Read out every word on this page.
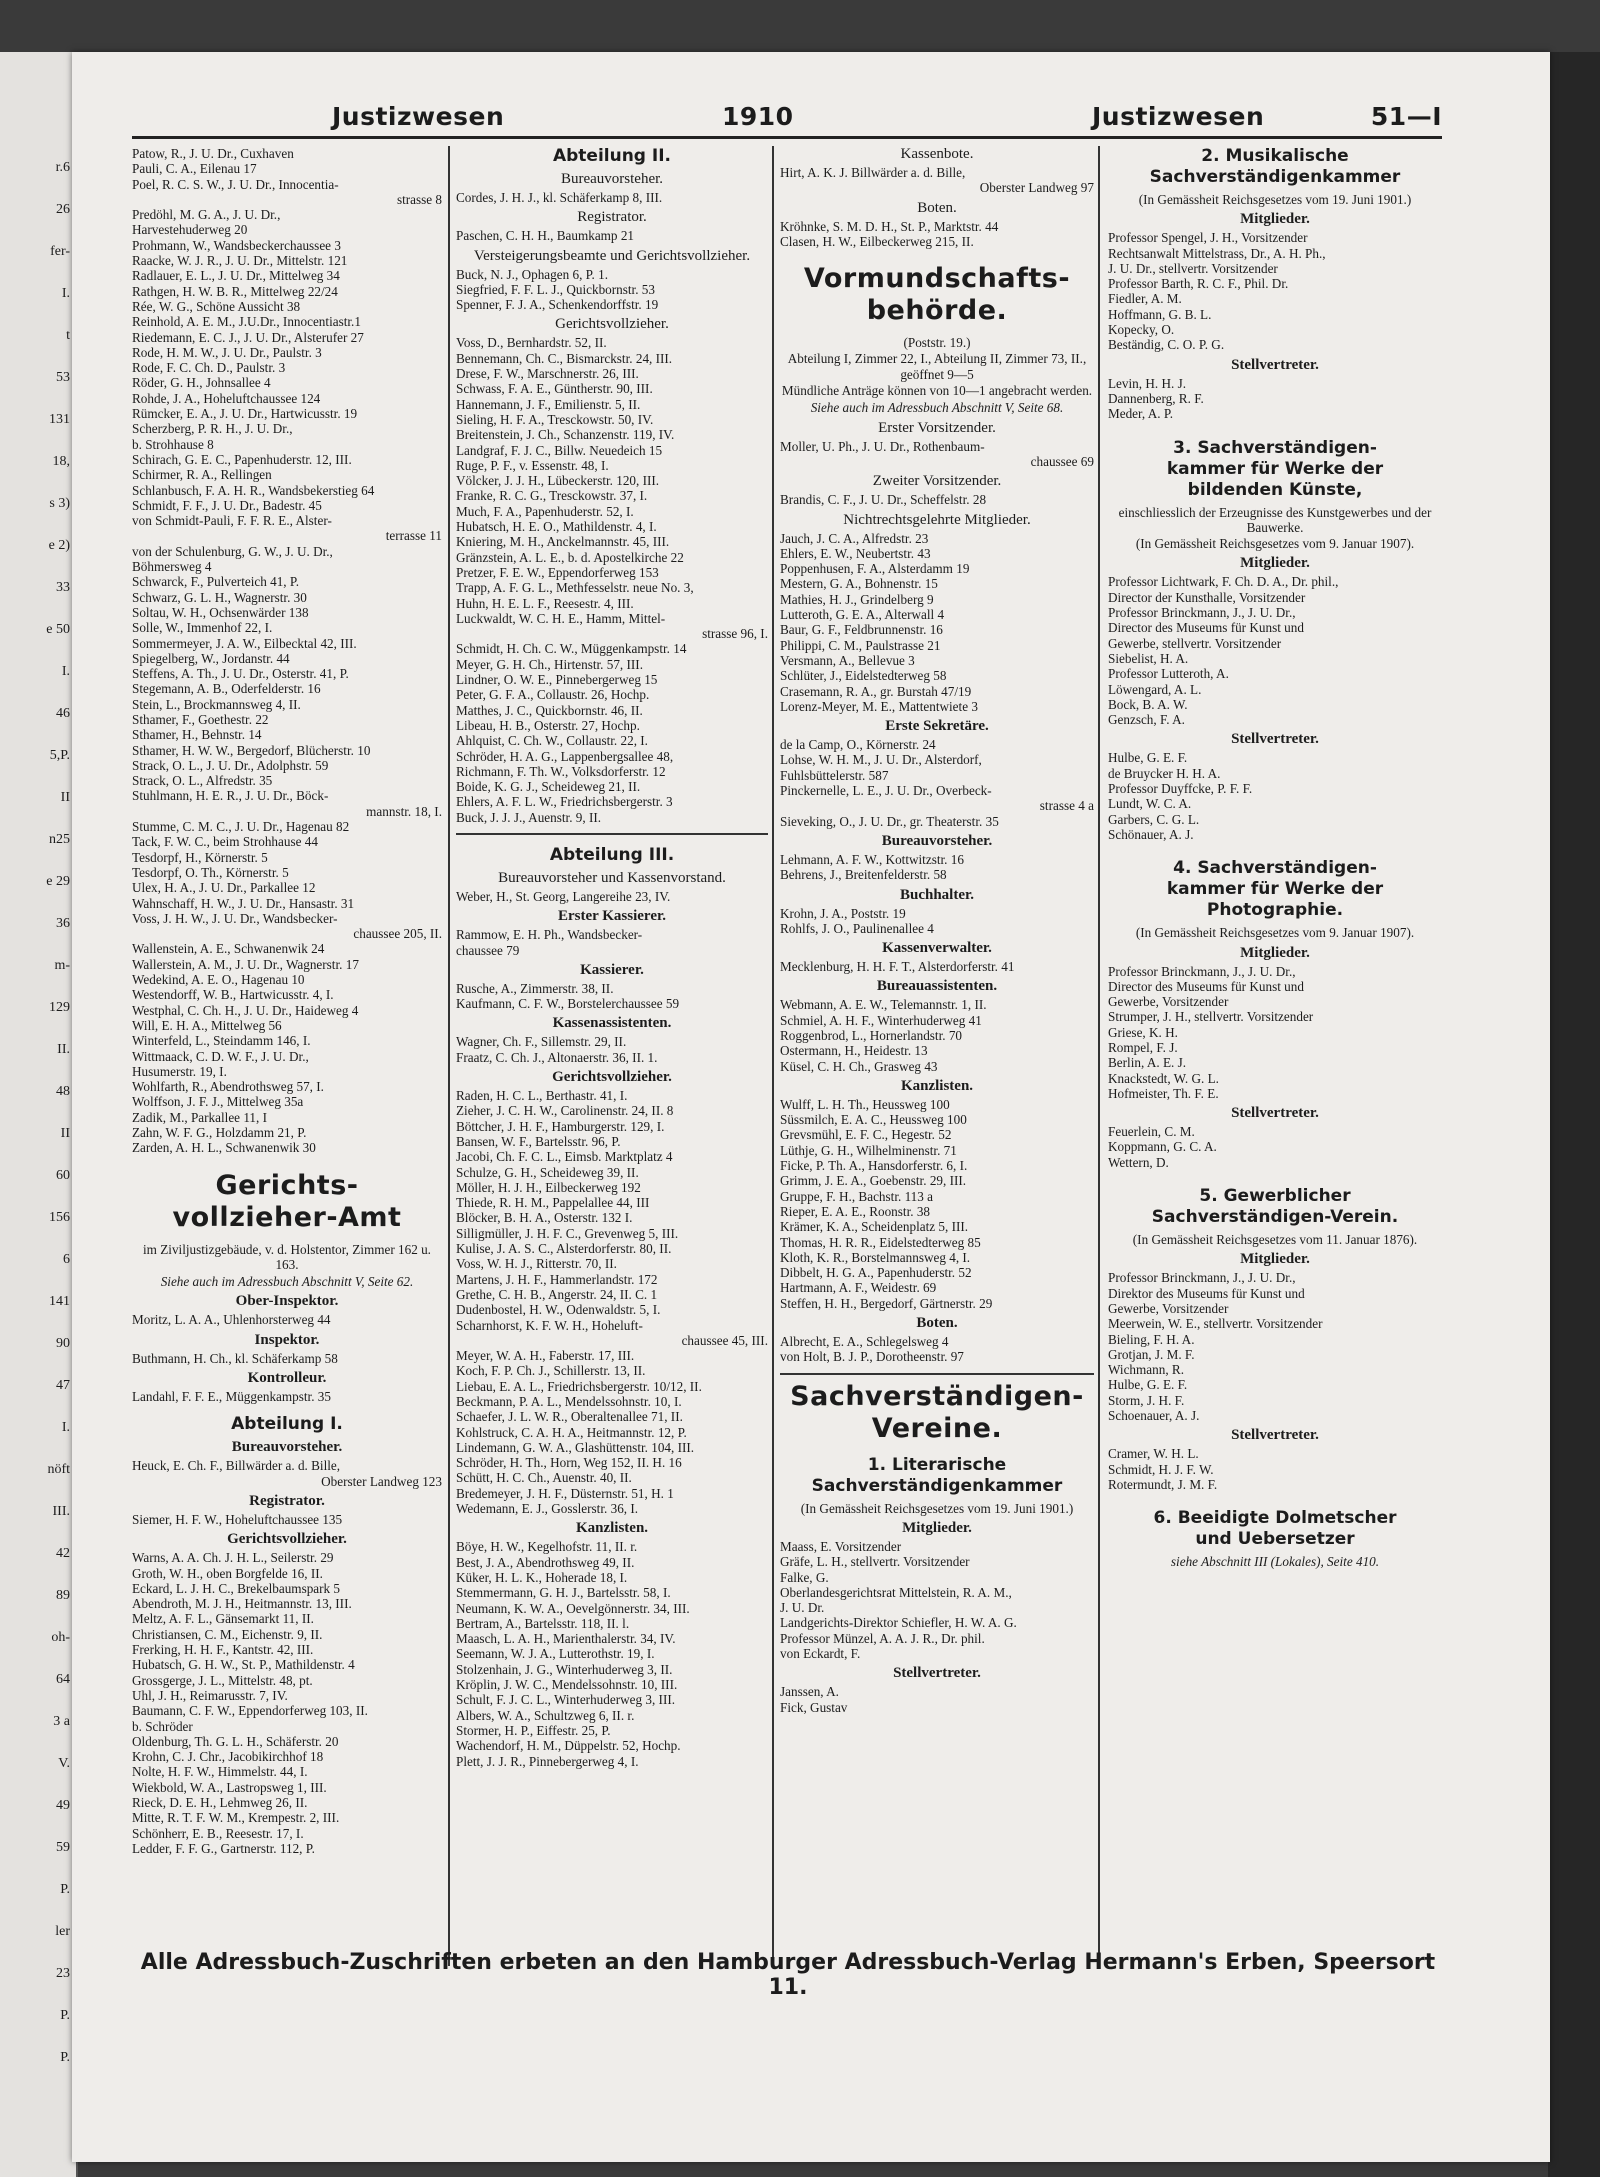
r.6
26
fer-
I.
t
53
131
18,
s 3)
e 2)
33
e 50
I.
46
5,P.
II
n25
e 29
36
m-
129
II.
48
II
60
156
6
141
90
47
I.
nöft
III.
42
89
oh-
64
3 a
V.
49
59
P.
ler
23
P.
P.
Justizwesen	1910	Justizwesen	51—I

Patow, R., J. U. Dr., Cuxhaven

Pauli, C. A., Eilenau 17

Poel, R. C. S. W., J. U. Dr., Innocentia-

strasse 8

Predöhl, M. G. A., J. U. Dr.,

Harvestehuderweg 20

Prohmann, W., Wandsbeckerchaussee 3

Raacke, W. J. R., J. U. Dr., Mittelstr. 121

Radlauer, E. L., J. U. Dr., Mittelweg 34

Rathgen, H. W. B. R., Mittelweg 22/24

Rée, W. G., Schöne Aussicht 38

Reinhold, A. E. M., J.U.Dr., Innocentiastr.1

Riedemann, E. C. J., J. U. Dr., Alsterufer 27

Rode, H. M. W., J. U. Dr., Paulstr. 3

Rode, F. C. Ch. D., Paulstr. 3

Röder, G. H., Johnsallee 4

Rohde, J. A., Hoheluftchaussee 124

Rümcker, E. A., J. U. Dr., Hartwicusstr. 19

Scherzberg, P. R. H., J. U. Dr.,

b. Strohhause 8

Schirach, G. E. C., Papenhuderstr. 12, III.

Schirmer, R. A., Rellingen

Schlanbusch, F. A. H. R., Wandsbekerstieg 64

Schmidt, F. F., J. U. Dr., Badestr. 45

von Schmidt-Pauli, F. F. R. E., Alster-

terrasse 11

von der Schulenburg, G. W., J. U. Dr.,

Böhmersweg 4

Schwarck, F., Pulverteich 41, P.

Schwarz, G. L. H., Wagnerstr. 30

Soltau, W. H., Ochsenwärder 138

Solle, W., Immenhof 22, I.

Sommermeyer, J. A. W., Eilbecktal 42, III.

Spiegelberg, W., Jordanstr. 44

Steffens, A. Th., J. U. Dr., Osterstr. 41, P.

Stegemann, A. B., Oderfelderstr. 16

Stein, L., Brockmannsweg 4, II.

Sthamer, F., Goethestr. 22

Sthamer, H., Behnstr. 14

Sthamer, H. W. W., Bergedorf, Blücherstr. 10

Strack, O. L., J. U. Dr., Adolphstr. 59

Strack, O. L., Alfredstr. 35

Stuhlmann, H. E. R., J. U. Dr., Böck-

mannstr. 18, I.

Stumme, C. M. C., J. U. Dr., Hagenau 82

Tack, F. W. C., beim Strohhause 44

Tesdorpf, H., Körnerstr. 5

Tesdorpf, O. Th., Körnerstr. 5

Ulex, H. A., J. U. Dr., Parkallee 12

Wahnschaff, H. W., J. U. Dr., Hansastr. 31

Voss, J. H. W., J. U. Dr., Wandsbecker-

chaussee 205, II.

Wallenstein, A. E., Schwanenwik 24

Wallerstein, A. M., J. U. Dr., Wagnerstr. 17

Wedekind, A. E. O., Hagenau 10

Westendorff, W. B., Hartwicusstr. 4, I.

Westphal, C. Ch. H., J. U. Dr., Haideweg 4

Will, E. H. A., Mittelweg 56

Winterfeld, L., Steindamm 146, I.

Wittmaack, C. D. W. F., J. U. Dr.,

Husumerstr. 19, I.

Wohlfarth, R., Abendrothsweg 57, I.

Wolffson, J. F. J., Mittelweg 35a

Zadik, M., Parkallee 11, I

Zahn, W. F. G., Holzdamm 21, P.

Zarden, A. H. L., Schwanenwik 30

Gerichts-

vollzieher-Amt

im Ziviljustizgebäude, v. d. Holstentor, Zimmer 162 u. 163.

Siehe auch im Adressbuch Abschnitt V, Seite 62.

Ober-Inspektor.

Moritz, L. A. A., Uhlenhorsterweg 44

Inspektor.

Buthmann, H. Ch., kl. Schäferkamp 58

Kontrolleur.

Landahl, F. F. E., Müggenkampstr. 35

Abteilung I.

Bureauvorsteher.

Heuck, E. Ch. F., Billwärder a. d. Bille,

Oberster Landweg 123

Registrator.

Siemer, H. F. W., Hoheluftchaussee 135

Gerichtsvollzieher.

Warns, A. A. Ch. J. H. L., Seilerstr. 29

Groth, W. H., oben Borgfelde 16, II.

Eckard, L. J. H. C., Brekelbaumspark 5

Abendroth, M. J. H., Heitmannstr. 13, III.

Meltz, A. F. L., Gänsemarkt 11, II.

Christiansen, C. M., Eichenstr. 9, II.

Frerking, H. H. F., Kantstr. 42, III.

Hubatsch, G. H. W., St. P., Mathildenstr. 4

Grossgerge, J. L., Mittelstr. 48, pt.

Uhl, J. H., Reimarusstr. 7, IV.

Baumann, C. F. W., Eppendorferweg 103, II.

b. Schröder

Oldenburg, Th. G. L. H., Schäferstr. 20

Krohn, C. J. Chr., Jacobikirchhof 18

Nolte, H. F. W., Himmelstr. 44, I.

Wiekbold, W. A., Lastropsweg 1, III.

Rieck, D. E. H., Lehmweg 26, II.

Mitte, R. T. F. W. M., Krempestr. 2, III.

Schönherr, E. B., Reesestr. 17, I.

Ledder, F. F. G., Gartnerstr. 112, P.

Abteilung II.

Bureauvorsteher.

Cordes, J. H. J., kl. Schäferkamp 8, III.

Registrator.

Paschen, C. H. H., Baumkamp 21

Versteigerungsbeamte und Gerichtsvollzieher.

Buck, N. J., Ophagen 6, P. 1.

Siegfried, F. F. L. J., Quickbornstr. 53

Spenner, F. J. A., Schenkendorffstr. 19

Gerichtsvollzieher.

Voss, D., Bernhardstr. 52, II.

Bennemann, Ch. C., Bismarckstr. 24, III.

Drese, F. W., Marschnerstr. 26, III.

Schwass, F. A. E., Güntherstr. 90, III.

Hannemann, J. F., Emilienstr. 5, II.

Sieling, H. F. A., Tresckowstr. 50, IV.

Breitenstein, J. Ch., Schanzenstr. 119, IV.

Landgraf, F. J. C., Billw. Neuedeich 15

Ruge, P. F., v. Essenstr. 48, I.

Völcker, J. J. H., Lübeckerstr. 120, III.

Franke, R. C. G., Tresckowstr. 37, I.

Much, F. A., Papenhuderstr. 52, I.

Hubatsch, H. E. O., Mathildenstr. 4, I.

Kniering, M. H., Anckelmannstr. 45, III.

Gränzstein, A. L. E., b. d. Apostelkirche 22

Pretzer, F. E. W., Eppendorferweg 153

Trapp, A. F. G. L., Methfesselstr. neue No. 3,

Huhn, H. E. L. F., Reesestr. 4, III.

Luckwaldt, W. C. H. E., Hamm, Mittel-

strasse 96, I.

Schmidt, H. Ch. C. W., Müggenkampstr. 14

Meyer, G. H. Ch., Hirtenstr. 57, III.

Lindner, O. W. E., Pinnebergerweg 15

Peter, G. F. A., Collaustr. 26, Hochp.

Matthes, J. C., Quickbornstr. 46, II.

Libeau, H. B., Osterstr. 27, Hochp.

Ahlquist, C. Ch. W., Collaustr. 22, I.

Schröder, H. A. G., Lappenbergsallee 48,

Richmann, F. Th. W., Volksdorferstr. 12

Boide, K. G. J., Scheideweg 21, II.

Ehlers, A. F. L. W., Friedrichsbergerstr. 3

Buck, J. J. J., Auenstr. 9, II.

Abteilung III.

Bureauvorsteher und Kassenvorstand.

Weber, H., St. Georg, Langereihe 23, IV.

Erster Kassierer.

Rammow, E. H. Ph., Wandsbecker-

chaussee 79

Kassierer.

Rusche, A., Zimmerstr. 38, II.

Kaufmann, C. F. W., Borstelerchaussee 59

Kassenassistenten.

Wagner, Ch. F., Sillemstr. 29, II.

Fraatz, C. Ch. J., Altonaerstr. 36, II. 1.

Gerichtsvollzieher.

Raden, H. C. L., Berthastr. 41, I.

Zieher, J. C. H. W., Carolinenstr. 24, II. 8

Böttcher, J. H. F., Hamburgerstr. 129, I.

Bansen, W. F., Bartelsstr. 96, P.

Jacobi, Ch. F. C. L., Eimsb. Marktplatz 4

Schulze, G. H., Scheideweg 39, II.

Möller, H. J. H., Eilbeckerweg 192

Thiede, R. H. M., Pappelallee 44, III

Blöcker, B. H. A., Osterstr. 132 I.

Silligmüller, J. H. F. C., Grevenweg 5, III.

Kulise, J. A. S. C., Alsterdorferstr. 80, II.

Voss, W. H. J., Ritterstr. 70, II.

Martens, J. H. F., Hammerlandstr. 172

Grethe, C. H. B., Angerstr. 24, II. C. 1

Dudenbostel, H. W., Odenwaldstr. 5, I.

Scharnhorst, K. F. W. H., Hoheluft-

chaussee 45, III.

Meyer, W. A. H., Faberstr. 17, III.

Koch, F. P. Ch. J., Schillerstr. 13, II.

Liebau, E. A. L., Friedrichsbergerstr. 10/12, II.

Beckmann, P. A. L., Mendelssohnstr. 10, I.

Schaefer, J. L. W. R., Oberaltenallee 71, II.

Kohlstruck, C. A. H. A., Heitmannstr. 12, P.

Lindemann, G. W. A., Glashüttenstr. 104, III.

Schröder, H. Th., Horn, Weg 152, II. H. 16

Schütt, H. C. Ch., Auenstr. 40, II.

Bredemeyer, J. H. F., Düsternstr. 51, H. 1

Wedemann, E. J., Gosslerstr. 36, I.

Kanzlisten.

Böye, H. W., Kegelhofstr. 11, II. r.

Best, J. A., Abendrothsweg 49, II.

Küker, H. L. K., Hoherade 18, I.

Stemmermann, G. H. J., Bartelsstr. 58, I.

Neumann, K. W. A., Oevelgönnerstr. 34, III.

Bertram, A., Bartelsstr. 118, II. l.

Maasch, L. A. H., Marienthalerstr. 34, IV.

Seemann, W. J. A., Lutterothstr. 19, I.

Stolzenhain, J. G., Winterhuderweg 3, II.

Kröplin, J. W. C., Mendelssohnstr. 10, III.

Schult, F. J. C. L., Winterhuderweg 3, III.

Albers, W. A., Schultzweg 6, II. r.

Stormer, H. P., Eiffestr. 25, P.

Wachendorf, H. M., Düppelstr. 52, Hochp.

Plett, J. J. R., Pinnebergerweg 4, I.

Kassenbote.

Hirt, A. K. J. Billwärder a. d. Bille,

Oberster Landweg 97

Boten.

Kröhnke, S. M. D. H., St. P., Marktstr. 44

Clasen, H. W., Eilbeckerweg 215, II.

Vormundschafts-

behörde.

(Poststr. 19.)

Abteilung I, Zimmer 22, I., Abteilung II, Zimmer 73, II., geöffnet 9—5

Mündliche Anträge können von 10—1 angebracht werden.

Siehe auch im Adressbuch Abschnitt V, Seite 68.

Erster Vorsitzender.

Moller, U. Ph., J. U. Dr., Rothenbaum-

chaussee 69

Zweiter Vorsitzender.

Brandis, C. F., J. U. Dr., Scheffelstr. 28

Nichtrechtsgelehrte Mitglieder.

Jauch, J. C. A., Alfredstr. 23

Ehlers, E. W., Neubertstr. 43

Poppenhusen, F. A., Alsterdamm 19

Mestern, G. A., Bohnenstr. 15

Mathies, H. J., Grindelberg 9

Lutteroth, G. E. A., Alterwall 4

Baur, G. F., Feldbrunnenstr. 16

Philippi, C. M., Paulstrasse 21

Versmann, A., Bellevue 3

Schlüter, J., Eidelstedterweg 58

Crasemann, R. A., gr. Burstah 47/19

Lorenz-Meyer, M. E., Mattentwiete 3

Erste Sekretäre.

de la Camp, O., Körnerstr. 24

Lohse, W. H. M., J. U. Dr., Alsterdorf,

Fuhlsbüttelerstr. 587

Pinckernelle, L. E., J. U. Dr., Overbeck-

strasse 4 a

Sieveking, O., J. U. Dr., gr. Theaterstr. 35

Bureauvorsteher.

Lehmann, A. F. W., Kottwitzstr. 16

Behrens, J., Breitenfelderstr. 58

Buchhalter.

Krohn, J. A., Poststr. 19

Rohlfs, J. O., Paulinenallee 4

Kassenverwalter.

Mecklenburg, H. H. F. T., Alsterdorferstr. 41

Bureauassistenten.

Webmann, A. E. W., Telemannstr. 1, II.

Schmiel, A. H. F., Winterhuderweg 41

Roggenbrod, L., Hornerlandstr. 70

Ostermann, H., Heidestr. 13

Küsel, C. H. Ch., Grasweg 43

Kanzlisten.

Wulff, L. H. Th., Heussweg 100

Süssmilch, E. A. C., Heussweg 100

Grevsmühl, E. F. C., Hegestr. 52

Lüthje, G. H., Wilhelminenstr. 71

Ficke, P. Th. A., Hansdorferstr. 6, I.

Grimm, J. E. A., Goebenstr. 29, III.

Gruppe, F. H., Bachstr. 113 a

Rieper, E. A. E., Roonstr. 38

Krämer, K. A., Scheidenplatz 5, III.

Thomas, H. R. R., Eidelstedterweg 85

Kloth, K. R., Borstelmannsweg 4, I.

Dibbelt, H. G. A., Papenhuderstr. 52

Hartmann, A. F., Weidestr. 69

Steffen, H. H., Bergedorf, Gärtnerstr. 29

Boten.

Albrecht, E. A., Schlegelsweg 4

von Holt, B. J. P., Dorotheenstr. 97

Sachverständigen-

Vereine.

1. Literarische

Sachverständigenkammer

(In Gemässheit Reichsgesetzes vom 19. Juni 1901.)

Mitglieder.

Maass, E. Vorsitzender

Gräfe, L. H., stellvertr. Vorsitzender

Falke, G.

Oberlandesgerichtsrat Mittelstein, R. A. M.,

J. U. Dr.

Landgerichts-Direktor Schiefler, H. W. A. G.

Professor Münzel, A. A. J. R., Dr. phil.

von Eckardt, F.

Stellvertreter.

Janssen, A.

Fick, Gustav

2. Musikalische

Sachverständigenkammer

(In Gemässheit Reichsgesetzes vom 19. Juni 1901.)

Mitglieder.

Professor Spengel, J. H., Vorsitzender

Rechtsanwalt Mittelstrass, Dr., A. H. Ph.,

J. U. Dr., stellvertr. Vorsitzender

Professor Barth, R. C. F., Phil. Dr.

Fiedler, A. M.

Hoffmann, G. B. L.

Kopecky, O.

Beständig, C. O. P. G.

Stellvertreter.

Levin, H. H. J.

Dannenberg, R. F.

Meder, A. P.

3. Sachverständigen-

kammer für Werke der

bildenden Künste,

einschliesslich der Erzeugnisse des Kunstgewerbes und der Bauwerke.

(In Gemässheit Reichsgesetzes vom 9. Januar 1907).

Mitglieder.

Professor Lichtwark, F. Ch. D. A., Dr. phil.,

Director der Kunsthalle, Vorsitzender

Professor Brinckmann, J., J. U. Dr.,

Director des Museums für Kunst und

Gewerbe, stellvertr. Vorsitzender

Siebelist, H. A.

Professor Lutteroth, A.

Löwengard, A. L.

Bock, B. A. W.

Genzsch, F. A.

Stellvertreter.

Hulbe, G. E. F.

de Bruycker H. H. A.

Professor Duyffcke, P. F. F.

Lundt, W. C. A.

Garbers, C. G. L.

Schönauer, A. J.

4. Sachverständigen-

kammer für Werke der

Photographie.

(In Gemässheit Reichsgesetzes vom 9. Januar 1907).

Mitglieder.

Professor Brinckmann, J., J. U. Dr.,

Director des Museums für Kunst und

Gewerbe, Vorsitzender

Strumper, J. H., stellvertr. Vorsitzender

Griese, K. H.

Rompel, F. J.

Berlin, A. E. J.

Knackstedt, W. G. L.

Hofmeister, Th. F. E.

Stellvertreter.

Feuerlein, C. M.

Koppmann, G. C. A.

Wettern, D.

5. Gewerblicher

Sachverständigen-Verein.

(In Gemässheit Reichsgesetzes vom 11. Januar 1876).

Mitglieder.

Professor Brinckmann, J., J. U. Dr.,

Direktor des Museums für Kunst und

Gewerbe, Vorsitzender

Meerwein, W. E., stellvertr. Vorsitzender

Bieling, F. H. A.

Grotjan, J. M. F.

Wichmann, R.

Hulbe, G. E. F.

Storm, J. H. F.

Schoenauer, A. J.

Stellvertreter.

Cramer, W. H. L.

Schmidt, H. J. F. W.

Rotermundt, J. M. F.

6. Beeidigte Dolmetscher

und Uebersetzer

siehe Abschnitt III (Lokales), Seite 410.

Alle Adressbuch-Zuschriften erbeten an den Hamburger Adressbuch-Verlag Hermann's Erben, Speersort 11.
